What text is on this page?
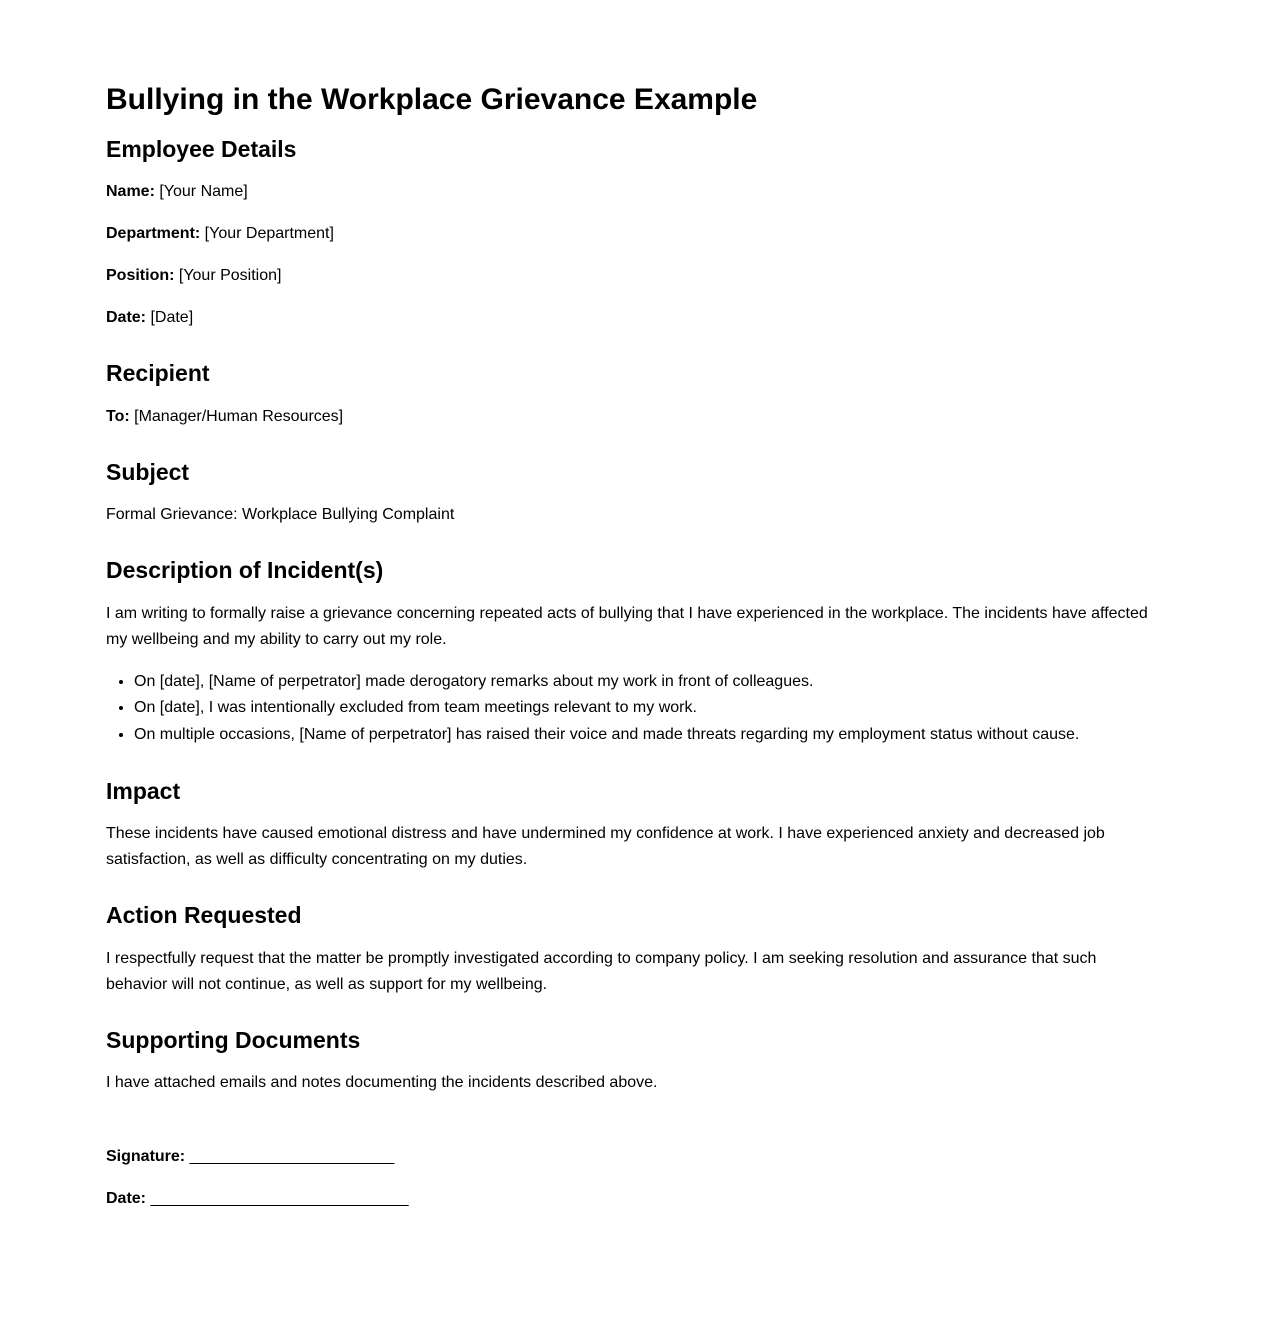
Bullying in the Workplace Grievance Example
Employee Details

Name: [Your Name]

Department: [Your Department]

Position: [Your Position]

Date: [Date]

Recipient

To: [Manager/Human Resources]

Subject

Formal Grievance: Workplace Bullying Complaint

Description of Incident(s)

I am writing to formally raise a grievance concerning repeated acts of bullying that I have experienced in the workplace. The incidents have affected my wellbeing and my ability to carry out my role.

• On [date], [Name of perpetrator] made derogatory remarks about my work in front of colleagues.
• On [date], I was intentionally excluded from team meetings relevant to my work.
• On multiple occasions, [Name of perpetrator] has raised their voice and made threats regarding my employment status without cause.
Impact

These incidents have caused emotional distress and have undermined my confidence at work. I have experienced anxiety and decreased job satisfaction, as well as difficulty concentrating on my duties.

Action Requested

I respectfully request that the matter be promptly investigated according to company policy. I am seeking resolution and assurance that such behavior will not continue, as well as support for my wellbeing.

Supporting Documents

I have attached emails and notes documenting the incidents described above.

Signature: _______________________

Date: _____________________________
